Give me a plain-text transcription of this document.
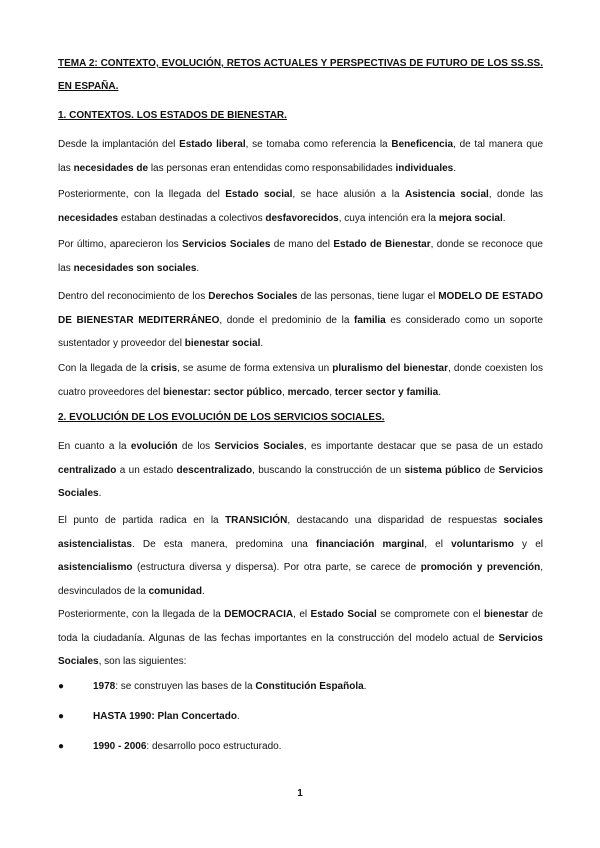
TEMA 2: CONTEXTO, EVOLUCIÓN, RETOS ACTUALES Y PERSPECTIVAS DE FUTURO DE LOS SS.SS. EN ESPAÑA.

1. CONTEXTOS. LOS ESTADOS DE BIENESTAR.

Desde la implantación del Estado liberal, se tomaba como referencia la Beneficencia, de tal manera que las necesidades de las personas eran entendidas como responsabilidades individuales.

Posteriormente, con la llegada del Estado social, se hace alusión a la Asistencia social, donde las necesidades estaban destinadas a colectivos desfavorecidos, cuya intención era la mejora social.

Por último, aparecieron los Servicios Sociales de mano del Estado de Bienestar, donde se reconoce que las necesidades son sociales.

Dentro del reconocimiento de los Derechos Sociales de las personas, tiene lugar el MODELO DE ESTADO DE BIENESTAR MEDITERRÁNEO, donde el predominio de la familia es considerado como un soporte sustentador y proveedor del bienestar social.

Con la llegada de la crisis, se asume de forma extensiva un pluralismo del bienestar, donde coexisten los cuatro proveedores del bienestar: sector público, mercado, tercer sector y familia.

2. EVOLUCIÓN DE LOS EVOLUCIÓN DE LOS SERVICIOS SOCIALES.

En cuanto a la evolución de los Servicios Sociales, es importante destacar que se pasa de un estado centralizado a un estado descentralizado, buscando la construcción de un sistema público de Servicios Sociales.

El punto de partida radica en la TRANSICIÓN, destacando una disparidad de respuestas sociales asistencialistas. De esta manera, predomina una financiación marginal, el voluntarismo y el asistencialismo (estructura diversa y dispersa). Por otra parte, se carece de promoción y prevención, desvinculados de la comunidad.

Posteriormente, con la llegada de la DEMOCRACIA, el Estado Social se compromete con el bienestar de toda la ciudadanía. Algunas de las fechas importantes en la construcción del modelo actual de Servicios Sociales, son las siguientes:

●	1978: se construyen las bases de la Constitución Española.
●	HASTA 1990: Plan Concertado.
●	1990 - 2006: desarrollo poco estructurado.
1
